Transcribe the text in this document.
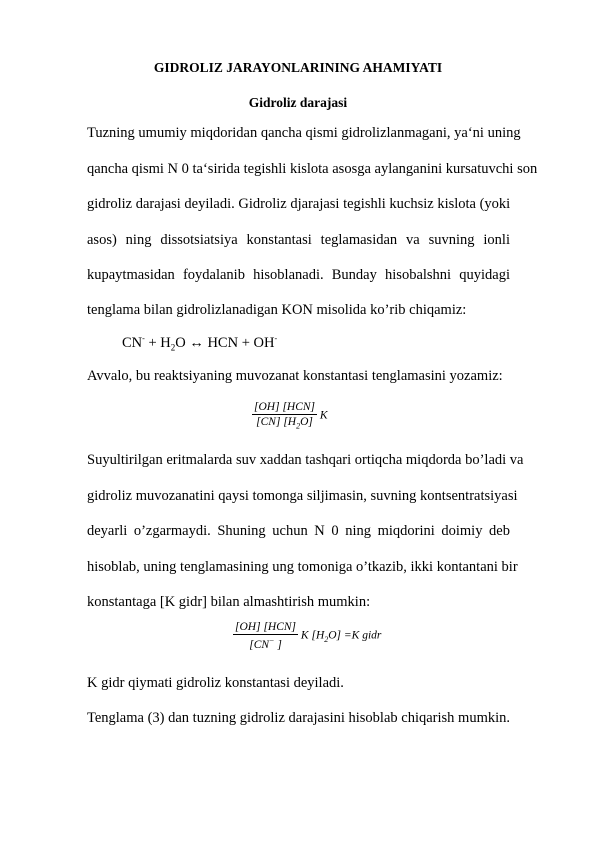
GIDROLIZ JARAYONLARINING AHAMIYATI
Gidroliz darajasi
Tuzning umumiy miqdoridan qancha qismi gidrolizlanmagani, ya‘ni uning
qancha qismi N 0 ta‘sirida tegishli kislota asosga aylanganini kursatuvchi son
gidroliz darajasi deyiladi. Gidroliz djarajasi tegishli kuchsiz kislota (yoki
asos) ning dissotsiatsiya konstantasi teglamasidan va suvning ionli
kupaytmasidan foydalanib hisoblanadi. Bunday hisobalshni quyidagi
tenglama bilan gidrolizlanadigan KON misolida ko’rib chiqamiz:
$CN^- + H_2O$ ↔ HCN + OH-
Avvalo, bu reaktsiyaning muvozanat konstantasi tenglamasini yozamiz:
$\frac{\text{[OH] [HCN]}}{[CN] [H_2O]}$ K
Suyultirilgan eritmalarda suv xaddan tashqari ortiqcha miqdorda bo’ladi va
gidroliz muvozanatini qaysi tomonga siljimasin, suvning kontsentratsiyasi
deyarli o’zgarmaydi. Shuning uchun N 0 ning miqdorini doimiy deb
hisoblab, uning tenglamasining ung tomoniga o’tkazib, ikki kontantani bir
konstantaga [K gidr] bilan almashtirish mumkin:
$\frac{\text{[OH] [HCN]}}{[CN^- ]}$ K $[H_2O] =K$ gidr
K gidr qiymati gidroliz konstantasi deyiladi.
Tenglama (3) dan tuzning gidroliz darajasini hisoblab chiqarish mumkin.
